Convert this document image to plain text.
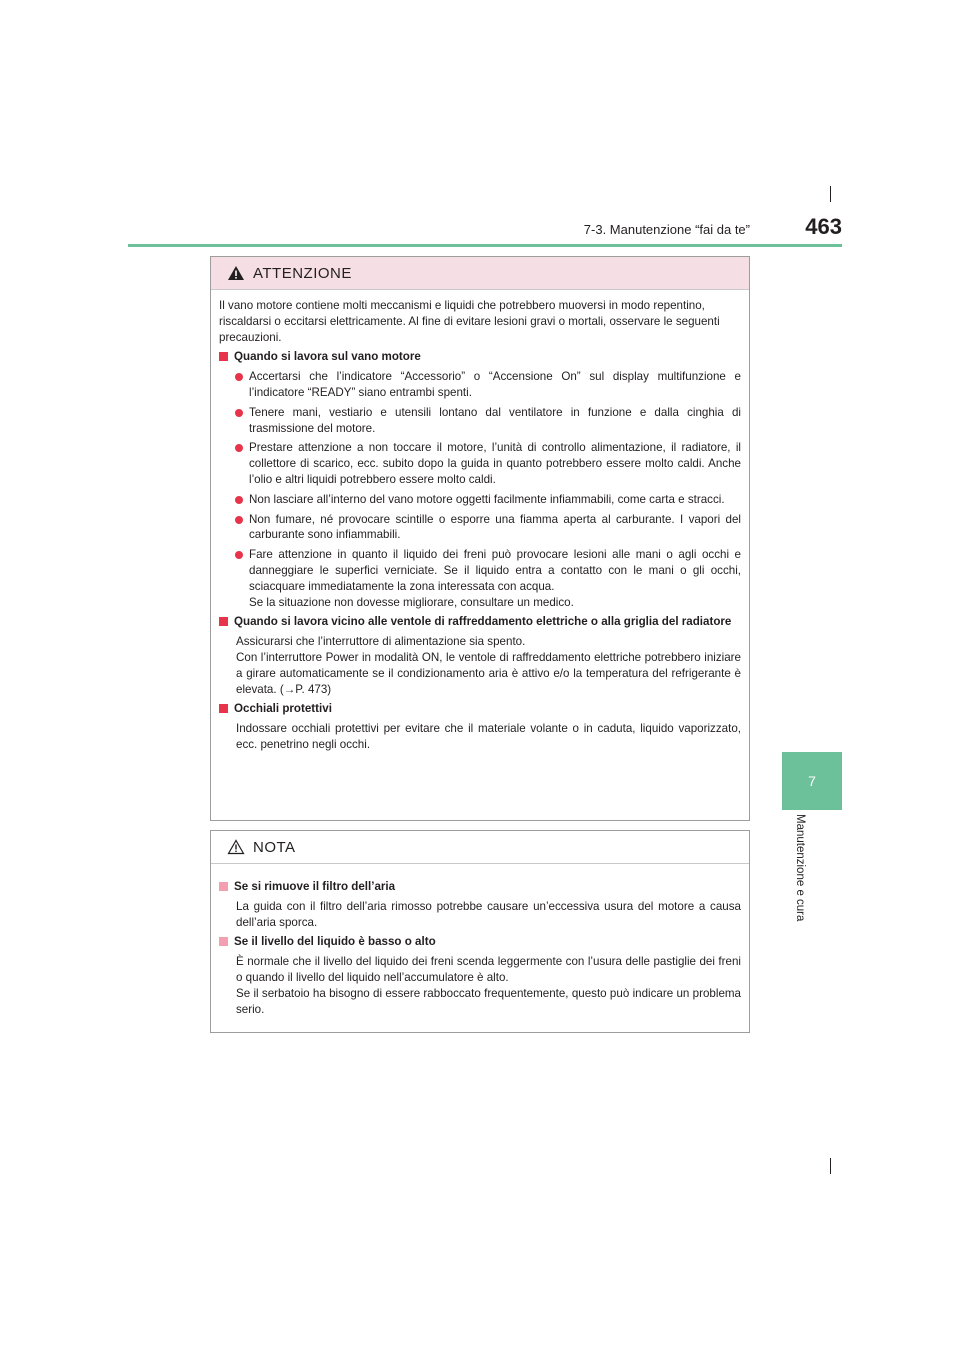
7-3. Manutenzione “fai da te”	463
7
Manutenzione e cura
ATTENZIONE

Il vano motore contiene molti meccanismi e liquidi che potrebbero muoversi in modo repentino, riscaldarsi o eccitarsi elettricamente. Al fine di evitare lesioni gravi o mortali, osservare le seguenti precauzioni.

Quando si lavora sul vano motore
Accertarsi che l’indicatore “Accessorio” o “Accensione On” sul display multifunzione e l’indicatore “READY” siano entrambi spenti.
Tenere mani, vestiario e utensili lontano dal ventilatore in funzione e dalla cinghia di trasmissione del motore.
Prestare attenzione a non toccare il motore, l’unità di controllo alimentazione, il radiatore, il collettore di scarico, ecc. subito dopo la guida in quanto potrebbero essere molto caldi. Anche l’olio e altri liquidi potrebbero essere molto caldi.
Non lasciare all’interno del vano motore oggetti facilmente infiammabili, come carta e stracci.
Non fumare, né provocare scintille o esporre una fiamma aperta al carburante. I vapori del carburante sono infiammabili.
Fare attenzione in quanto il liquido dei freni può provocare lesioni alle mani o agli occhi e danneggiare le superfici verniciate. Se il liquido entra a contatto con le mani o gli occhi, sciacquare immediatamente la zona interessata con acqua.
Se la situazione non dovesse migliorare, consultare un medico.
Quando si lavora vicino alle ventole di raffreddamento elettriche o alla griglia del radiatore

Assicurarsi che l’interruttore di alimentazione sia spento.
Con l’interruttore Power in modalità ON, le ventole di raffreddamento elettriche potrebbero iniziare a girare automaticamente se il condizionamento aria è attivo e/o la temperatura del refrigerante è elevata. (→P. 473)

Occhiali protettivi

Indossare occhiali protettivi per evitare che il materiale volante o in caduta, liquido vaporizzato, ecc. penetrino negli occhi.

NOTA
Se si rimuove il filtro dell’aria

La guida con il filtro dell’aria rimosso potrebbe causare un’eccessiva usura del motore a causa dell’aria sporca.

Se il livello del liquido è basso o alto

È normale che il livello del liquido dei freni scenda leggermente con l’usura delle pastiglie dei freni o quando il livello del liquido nell’accumulatore è alto.
Se il serbatoio ha bisogno di essere rabboccato frequentemente, questo può indicare un problema serio.
